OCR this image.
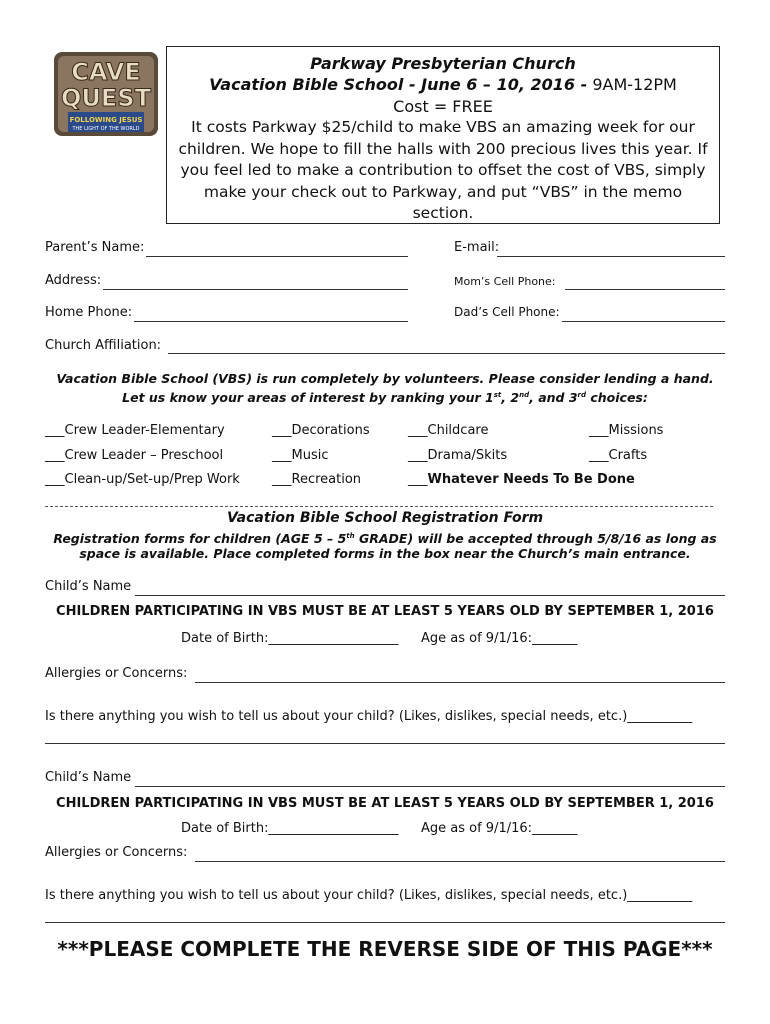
CAVE
QUEST
FOLLOWING JESUS
THE LIGHT OF THE WORLD
Parkway Presbyterian Church
Vacation Bible School - June 6 – 10, 2016 - 9AM-12PM
Cost = FREE
It costs Parkway $25/child to make VBS an amazing week for our children. We hope to fill the halls with 200 precious lives this year. If you feel led to make a contribution to offset the cost of VBS, simply make your check out to Parkway, and put “VBS” in the memo section.
Parent’s Name:	E-mail:
Address:	Mom’s Cell Phone:
Home Phone:	Dad’s Cell Phone:
Church Affiliation:
Vacation Bible School (VBS) is run completely by volunteers. Please consider lending a hand.
Let us know your areas of interest by ranking your 1st, 2nd, and 3rd choices:
___Crew Leader-Elementary	___Decorations	___Childcare	___Missions
___Crew Leader – Preschool	___Music	___Drama/Skits	___Crafts
___Clean-up/Set-up/Prep Work ___Recreation	___Whatever Needs To Be Done
Vacation Bible School Registration Form
Registration forms for children (AGE 5 – 5th GRADE) will be accepted through 5/8/16 as long as
space is available. Place completed forms in the box near the Church’s main entrance.
Child’s Name
CHILDREN PARTICIPATING IN VBS MUST BE AT LEAST 5 YEARS OLD BY SEPTEMBER 1, 2016
Date of Birth:____________________ Age as of 9/1/16:_______
Allergies or Concerns:
Is there anything you wish to tell us about your child? (Likes, dislikes, special needs, etc.)__________
Child’s Name
CHILDREN PARTICIPATING IN VBS MUST BE AT LEAST 5 YEARS OLD BY SEPTEMBER 1, 2016
Date of Birth:____________________ Age as of 9/1/16:_______
Allergies or Concerns:
Is there anything you wish to tell us about your child? (Likes, dislikes, special needs, etc.)__________
***PLEASE COMPLETE THE REVERSE SIDE OF THIS PAGE***
